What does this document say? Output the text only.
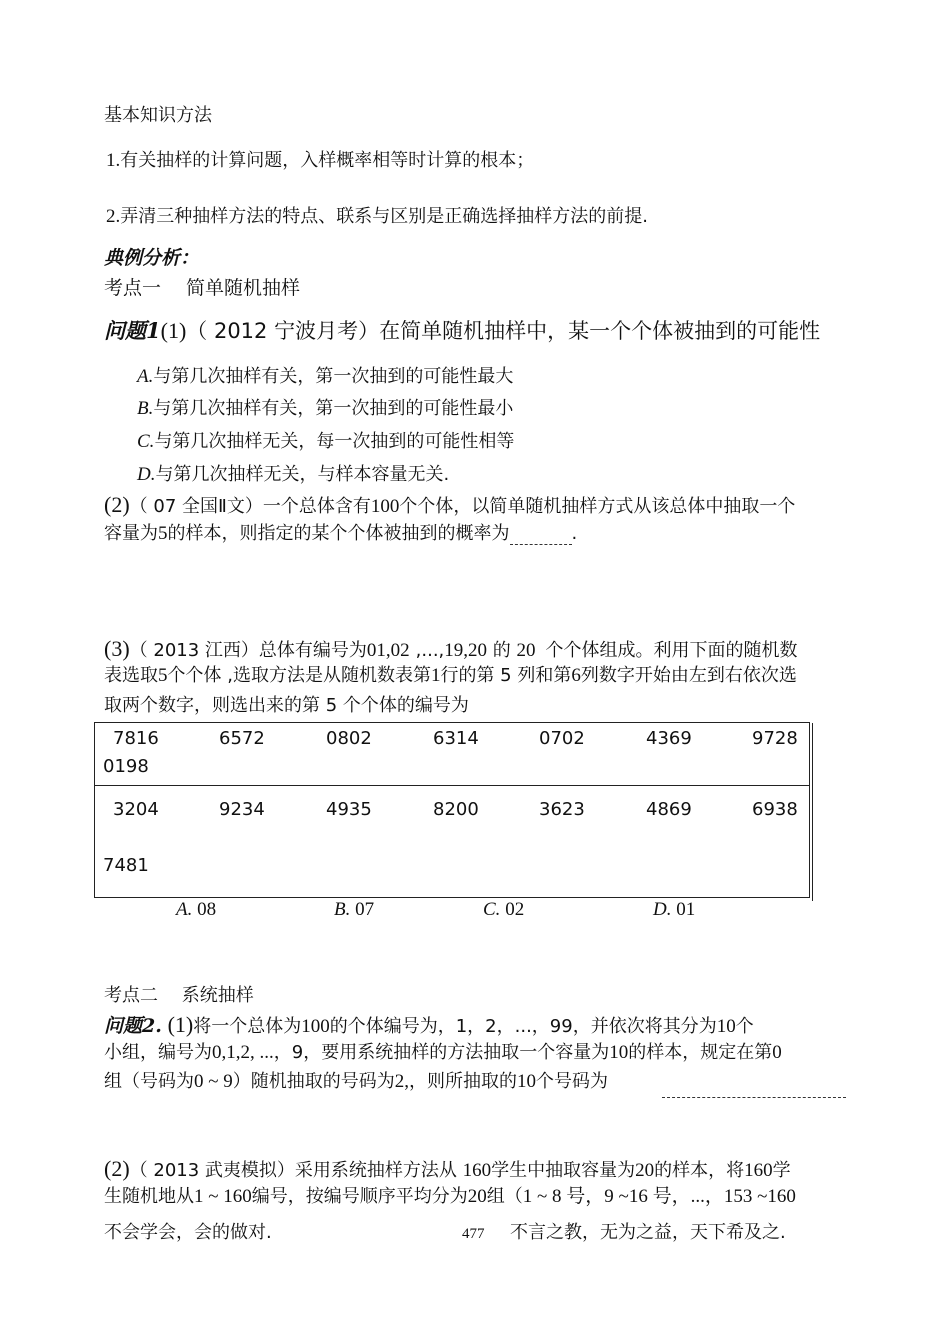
基本知识方法
1.有关抽样的计算问题，入样概率相等时计算的根本；
2.弄清三种抽样方法的特点、联系与区别是正确选择抽样方法的前提.
典例分析：
考点一　 简单随机抽样
问题1(1)（ 2012 宁波月考）在简单随机抽样中，某一个个体被抽到的可能性
A.与第几次抽样有关，第一次抽到的可能性最大
B.与第几次抽样有关，第一次抽到的可能性最小
C.与第几次抽样无关，每一次抽到的可能性相等
D.与第几次抽样无关，与样本容量无关.
(2)（ 07 全国Ⅱ文）一个总体含有100个个体，以简单随机抽样方式从该总体中抽取一个
容量为5的样本，则指定的某个个体被抽到的概率为	.
(3)（ 2013 江西）总体有编号为01,02 ,...,19,20 的 20 个个体组成。利用下面的随机数
表选取5个个体 ,选取方法是从随机数表第1行的第 5 列和第6列数字开始由左到右依次选
取两个数字，则选出来的第 5 个个体的编号为
7816	6572	0802	6314	0702	4369	9728
0198
3204	9234	4935	8200	3623	4869	6938
7481
A. 08	B. 07	C. 02	D. 01
考点二　 系统抽样
问题2. (1)将一个总体为100的个体编号为，1，2，...，99，并依次将其分为10个
小组，编号为0,1,2, ...，9，要用系统抽样的方法抽取一个容量为10的样本，规定在第0
组（号码为0 ~ 9）随机抽取的号码为2,，则所抽取的10个号码为
(2)（ 2013 武夷模拟）采用系统抽样方法从 160学生中抽取容量为20的样本，将160学
生随机地从1 ~ 160编号，按编号顺序平均分为20组（1 ~ 8 号，9 ~16 号，...，153 ~160
不会学会，会的做对.	477 不言之教，无为之益，天下希及之.
